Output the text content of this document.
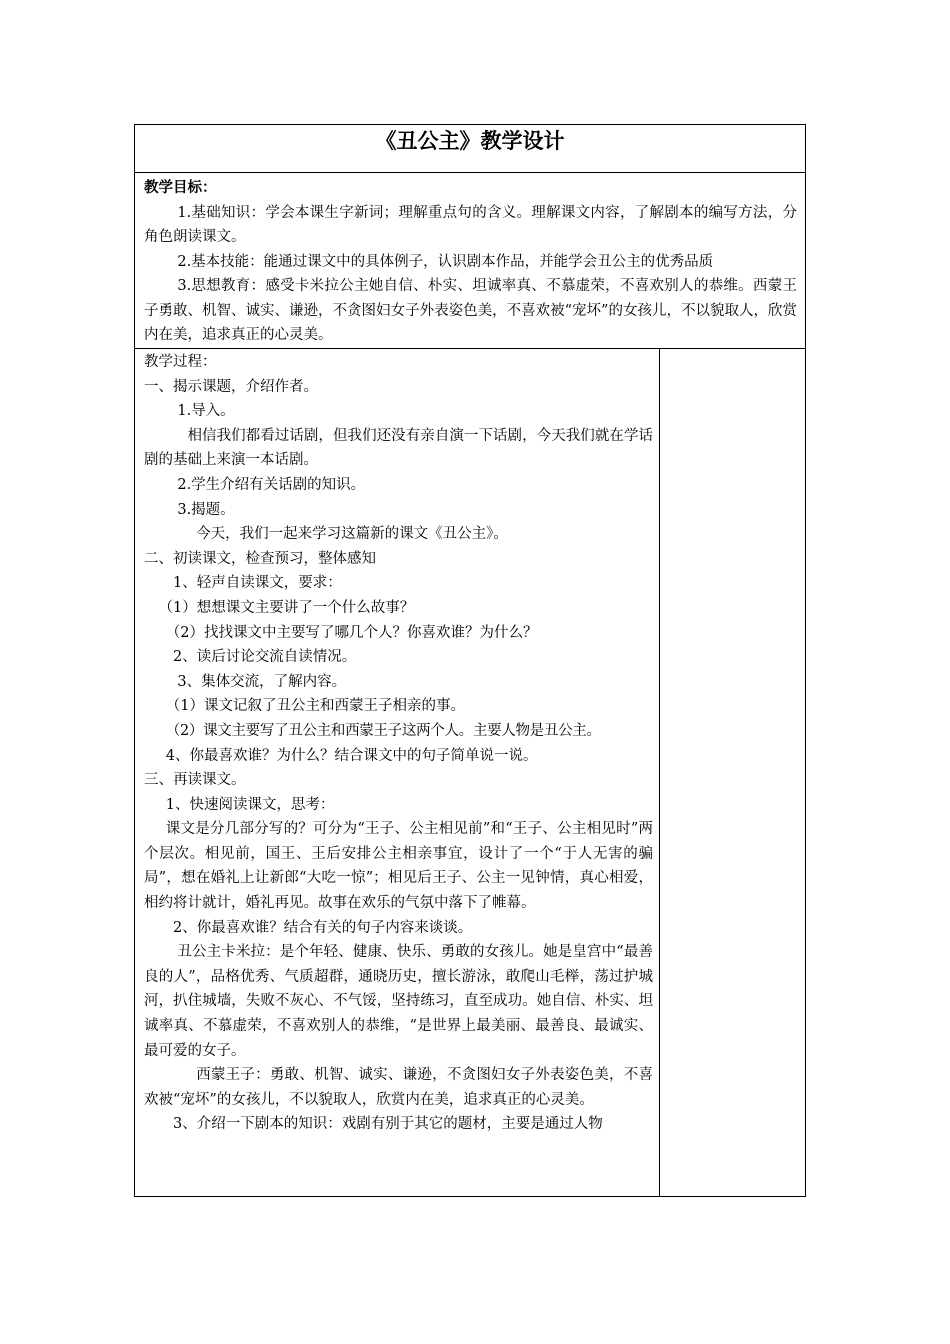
《丑公主》教学设计

教学目标：

1.基础知识：学会本课生字新词；理解重点句的含义。理解课文内容，了解剧本的编写方法，分角色朗读课文。

2.基本技能：能通过课文中的具体例子，认识剧本作品，并能学会丑公主的优秀品质

3.思想教育：感受卡米拉公主她自信、朴实、坦诚率真、不慕虚荣，不喜欢别人的恭维。西蒙王子勇敢、机智、诚实、谦逊，不贪图妇女子外表姿色美，不喜欢被“宠坏”的女孩儿，不以貌取人，欣赏内在美，追求真正的心灵美。

教学过程：

一、揭示课题，介绍作者。

1.导入。

相信我们都看过话剧，但我们还没有亲自演一下话剧，今天我们就在学话剧的基础上来演一本话剧。

2.学生介绍有关话剧的知识。

3.揭题。

今天，我们一起来学习这篇新的课文《丑公主》。

二、初读课文，检查预习，整体感知

1、轻声自读课文，要求：

（1）想想课文主要讲了一个什么故事？

（2）找找课文中主要写了哪几个人？你喜欢谁？为什么？

2、读后讨论交流自读情况。

3、集体交流，了解内容。

（1）课文记叙了丑公主和西蒙王子相亲的事。

（2）课文主要写了丑公主和西蒙王子这两个人。主要人物是丑公主。

4、你最喜欢谁？为什么？结合课文中的句子简单说一说。

三、再读课文。

1、快速阅读课文，思考：

课文是分几部分写的？可分为“王子、公主相见前”和“王子、公主相见时”两个层次。相见前，国王、王后安排公主相亲事宜，设计了一个“于人无害的骗局”，想在婚礼上让新郎“大吃一惊”；相见后王子、公主一见钟情，真心相爱，相约将计就计，婚礼再见。故事在欢乐的气氛中落下了帷幕。

2、你最喜欢谁？结合有关的句子内容来谈谈。

丑公主卡米拉：是个年轻、健康、快乐、勇敢的女孩儿。她是皇宫中“最善良的人”，品格优秀、气质超群，通晓历史，擅长游泳，敢爬山毛榉，荡过护城河，扒住城墙，失败不灰心、不气馁，坚持练习，直至成功。她自信、朴实、坦诚率真、不慕虚荣，不喜欢别人的恭维，“是世界上最美丽、最善良、最诚实、最可爱的女子。

西蒙王子：勇敢、机智、诚实、谦逊，不贪图妇女子外表姿色美，不喜欢被“宠坏”的女孩儿，不以貌取人，欣赏内在美，追求真正的心灵美。

3、介绍一下剧本的知识：戏剧有别于其它的题材，主要是通过人物
